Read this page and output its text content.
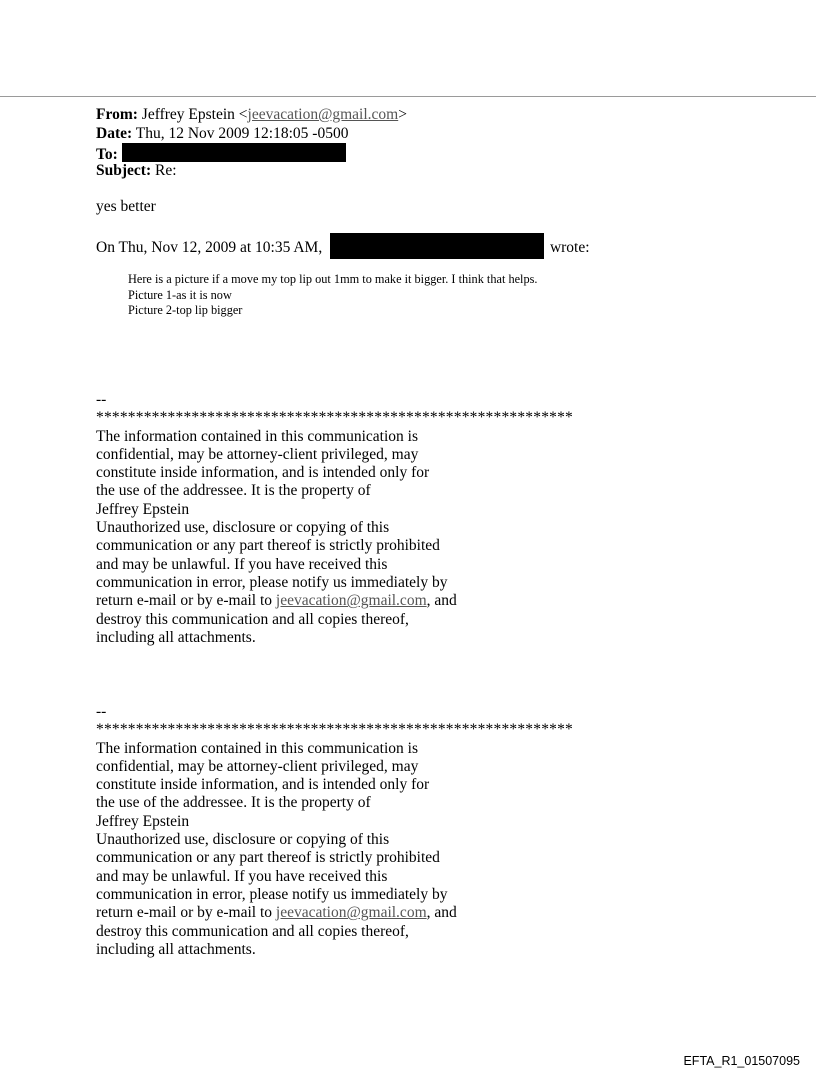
From: Jeffrey Epstein <jeevacation@gmail.com>
Date: Thu, 12 Nov 2009 12:18:05 -0500
To:
Subject: Re:
yes better
On Thu, Nov 12, 2009 at 10:35 AM,	wrote:
Here is a picture if a move my top lip out 1mm to make it bigger. I think that helps.
Picture 1-as it is now
Picture 2-top lip bigger
--
************************************************************
The information contained in this communication is
confidential, may be attorney-client privileged, may
constitute inside information, and is intended only for
the use of the addressee. It is the property of
Jeffrey Epstein
Unauthorized use, disclosure or copying of this
communication or any part thereof is strictly prohibited
and may be unlawful. If you have received this
communication in error, please notify us immediately by
return e-mail or by e-mail to jeevacation@gmail.com, and
destroy this communication and all copies thereof,
including all attachments.
--
************************************************************
The information contained in this communication is
confidential, may be attorney-client privileged, may
constitute inside information, and is intended only for
the use of the addressee. It is the property of
Jeffrey Epstein
Unauthorized use, disclosure or copying of this
communication or any part thereof is strictly prohibited
and may be unlawful. If you have received this
communication in error, please notify us immediately by
return e-mail or by e-mail to jeevacation@gmail.com, and
destroy this communication and all copies thereof,
including all attachments.
EFTA_R1_01507095
